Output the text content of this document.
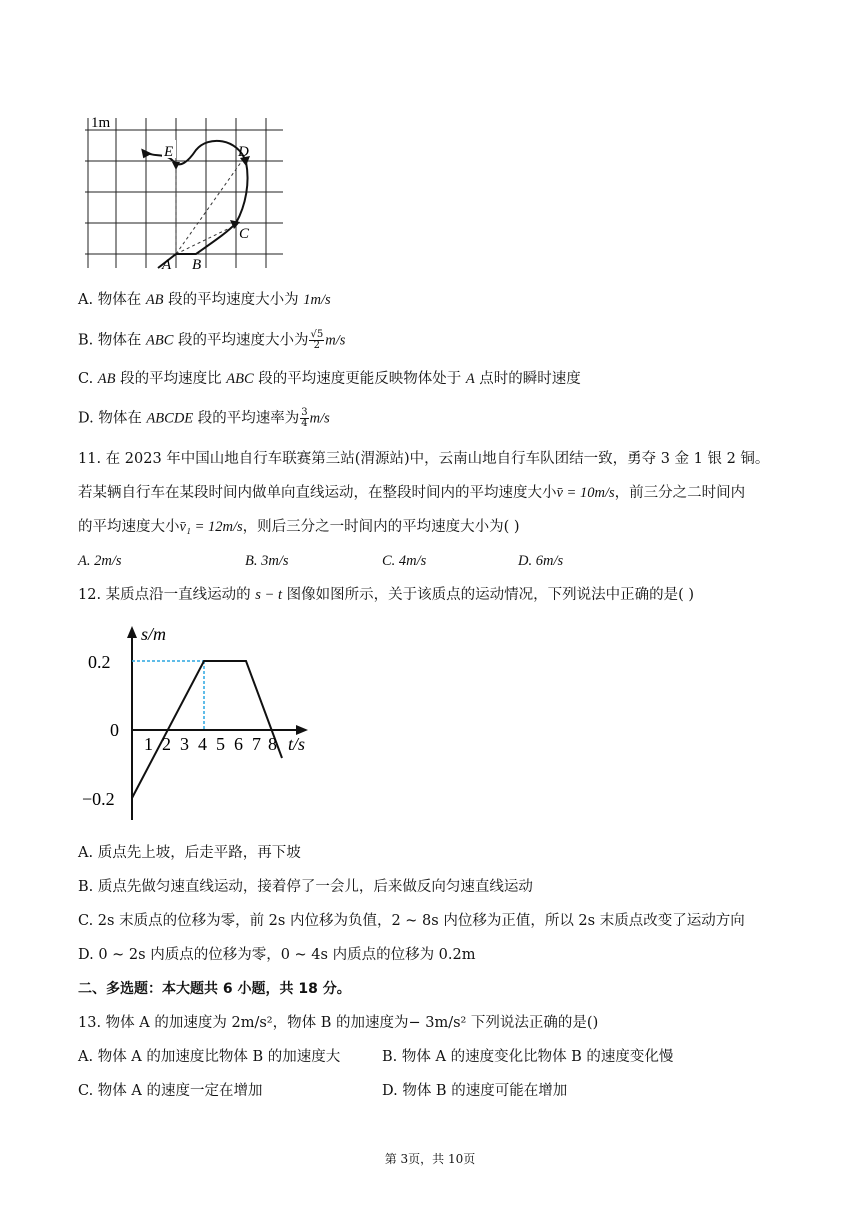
1m
E	D
C
A B
A. 物体在 AB 段的平均速度大小为 1m/s
B. 物体在 ABC 段的平均速度大小为 $\frac{√5}{2} m/s$
C. AB 段的平均速度比 ABC 段的平均速度更能反映物体处于 A 点时的瞬时速度
D. 物体在 ABCDE 段的平均速率为 $\frac{3}{4} m/s$
11. 在 2023 年中国山地自行车联赛第三站(渭源站)中，云南山地自行车队团结一致，勇夺 3 金 1 银 2 铜。
若某辆自行车在某段时间内做单向直线运动，在整段时间内的平均速度大小v̄ = 10m/s，前三分之二时间内
的平均速度大小v̄₁ = 12m/s，则后三分之一时间内的平均速度大小为( )
A. 2m/s	B. 3m/s	C. 4m/s	D. 6m/s
12. 某质点沿一直线运动的 s − t 图像如图所示，关于该质点的运动情况，下列说法中正确的是( )
s/m
t/s
0.2
0
−0.2
1 2 3 4 5 6 7 8
A. 质点先上坡，后走平路，再下坡
B. 质点先做匀速直线运动，接着停了一会儿，后来做反向匀速直线运动
C. 2s 末质点的位移为零，前 2s 内位移为负值，2 ~ 8s 内位移为正值，所以 2s 末质点改变了运动方向
D. 0 ~ 2s 内质点的位移为零，0 ~ 4s 内质点的位移为 0.2m
二、多选题：本大题共 6 小题，共 18 分。
13. 物体 A 的加速度为 2m/s²，物体 B 的加速度为− 3m/s² 下列说法正确的是()
A. 物体 A 的加速度比物体 B 的加速度大	B. 物体 A 的速度变化比物体 B 的速度变化慢
C. 物体 A 的速度一定在增加	D. 物体 B 的速度可能在增加
第 3页，共 10页
